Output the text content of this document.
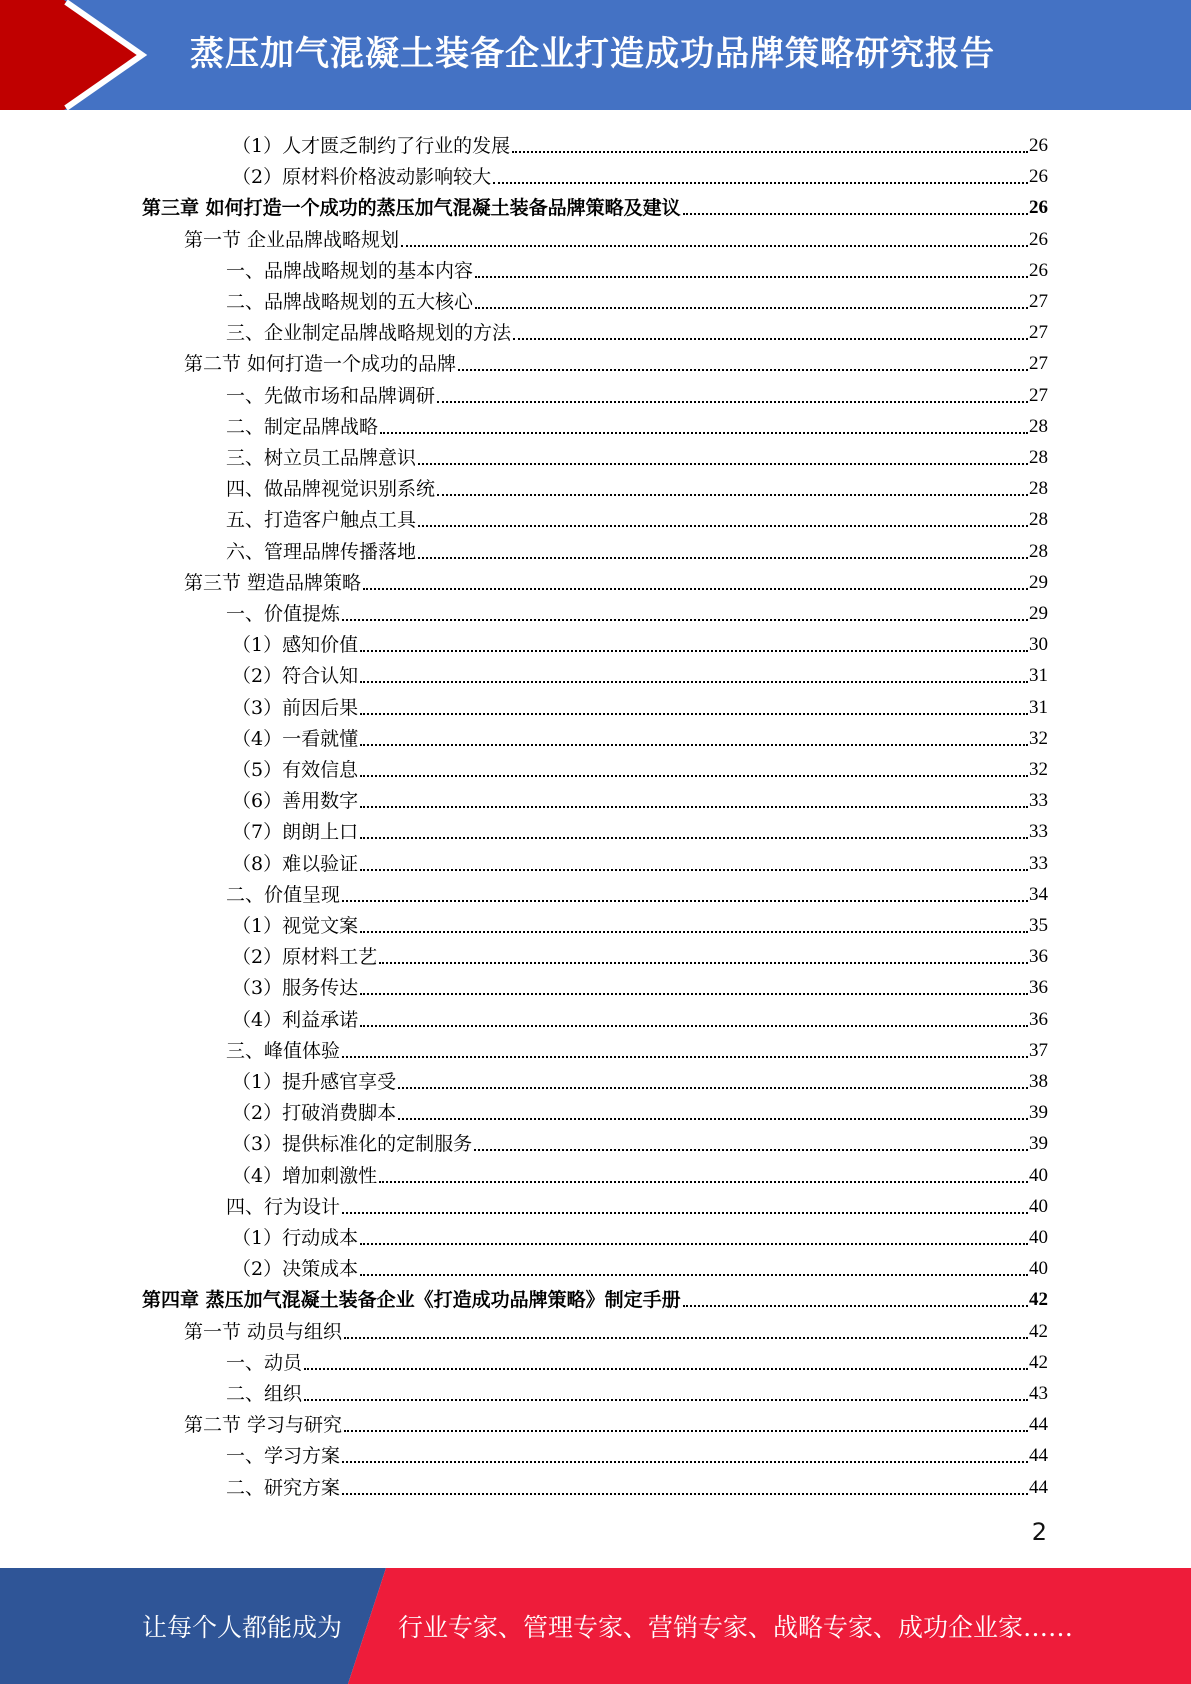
蒸压加气混凝土装备企业打造成功品牌策略研究报告
（1）人才匮乏制约了行业的发展	26
（2）原材料价格波动影响较大	26
第三章 如何打造一个成功的蒸压加气混凝土装备品牌策略及建议	26
第一节 企业品牌战略规划	26
一、品牌战略规划的基本内容	26
二、品牌战略规划的五大核心	27
三、企业制定品牌战略规划的方法	27
第二节 如何打造一个成功的品牌	27
一、先做市场和品牌调研	27
二、制定品牌战略	28
三、树立员工品牌意识	28
四、做品牌视觉识别系统	28
五、打造客户触点工具	28
六、管理品牌传播落地	28
第三节 塑造品牌策略	29
一、价值提炼	29
（1）感知价值	30
（2）符合认知	31
（3）前因后果	31
（4）一看就懂	32
（5）有效信息	32
（6）善用数字	33
（7）朗朗上口	33
（8）难以验证	33
二、价值呈现	34
（1）视觉文案	35
（2）原材料工艺	36
（3）服务传达	36
（4）利益承诺	36
三、峰值体验	37
（1）提升感官享受	38
（2）打破消费脚本	39
（3）提供标准化的定制服务	39
（4）增加刺激性	40
四、行为设计	40
（1）行动成本	40
（2）决策成本	40
第四章 蒸压加气混凝土装备企业《打造成功品牌策略》制定手册	42
第一节 动员与组织	42
一、动员	42
二、组织	43
第二节 学习与研究	44
一、学习方案	44
二、研究方案	44
2
让每个人都能成为 行业专家、管理专家、营销专家、战略专家、成功企业家……
